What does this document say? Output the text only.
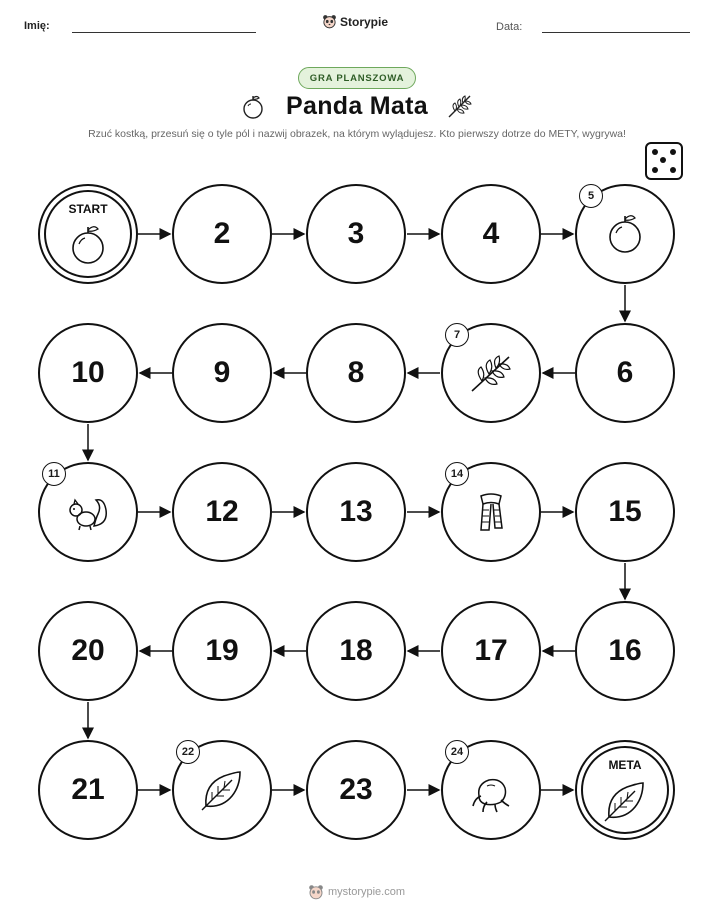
Imię:	Storypie	Data:
GRA PLANSZOWA
Panda Mata
Rzuć kostką, przesuń się o tyle pól i nazwij obrazek, na którym wylądujesz. Kto pierwszy dotrze do METY, wygrywa!
START
2	3	4
5
10	9	8
7
6
11
12	13
14
15
20	19	18	17	16
21
22
23
24
META
mystorypie.com
